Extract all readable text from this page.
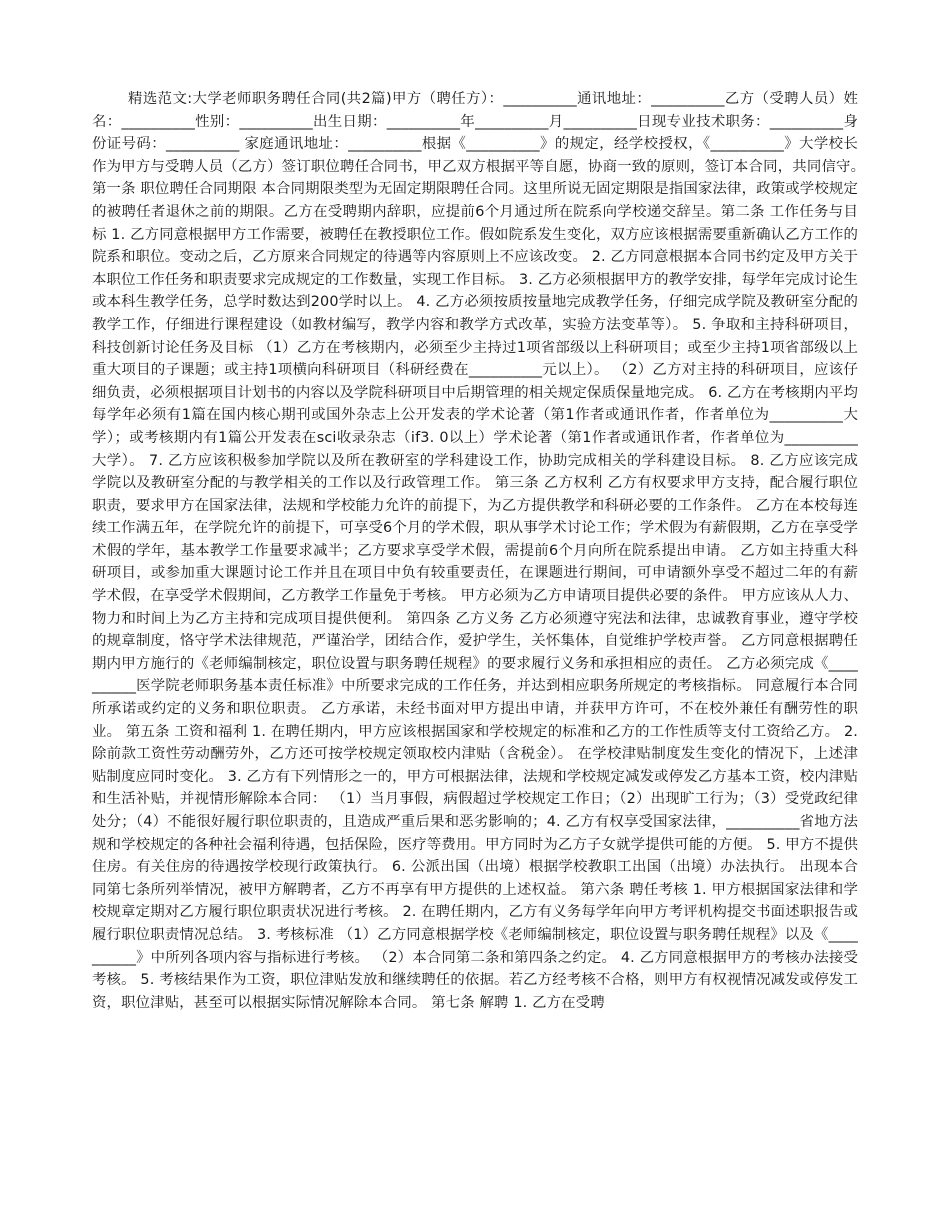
精选范文:大学老师职务聘任合同(共2篇)甲方（聘任方）：__________通讯地址：__________乙方（受聘人员）姓名：__________性别：__________出生日期：__________年__________月__________日现专业技术职务：__________身份证号码：__________ 家庭通讯地址：__________根据《__________》的规定，经学校授权，《__________》大学校长作为甲方与受聘人员（乙方）签订职位聘任合同书，甲乙双方根据平等自愿，协商一致的原则，签订本合同，共同信守。　第一条 职位聘任合同期限 本合同期限类型为无固定期限聘任合同。这里所说无固定期限是指国家法律，政策或学校规定的被聘任者退休之前的期限。乙方在受聘期内辞职，应提前6个月通过所在院系向学校递交辞呈。第二条 工作任务与目标 1. 乙方同意根据甲方工作需要，被聘任在教授职位工作。假如院系发生变化，双方应该根据需要重新确认乙方工作的院系和职位。变动之后，乙方原来合同规定的待遇等内容原则上不应该改变。 2. 乙方同意根据本合同书约定及甲方关于本职位工作任务和职责要求完成规定的工作数量，实现工作目标。 3. 乙方必须根据甲方的教学安排，每学年完成讨论生或本科生教学任务，总学时数达到200学时以上。 4. 乙方必须按质按量地完成教学任务，仔细完成学院及教研室分配的教学工作，仔细进行课程建设（如教材编写，教学内容和教学方式改革，实验方法变革等）。 5. 争取和主持科研项目，科技创新讨论任务及目标 （1）乙方在考核期内，必须至少主持过1项省部级以上科研项目；或至少主持1项省部级以上重大项目的子课题；或主持1项横向科研项目（科研经费在__________元以上）。 （2）乙方对主持的科研项目，应该仔细负责，必须根据项目计划书的内容以及学院科研项目中后期管理的相关规定保质保量地完成。 6. 乙方在考核期内平均每学年必须有1篇在国内核心期刊或国外杂志上公开发表的学术论著（第1作者或通讯作者，作者单位为__________大学）；或考核期内有1篇公开发表在sci收录杂志（if3. 0以上）学术论著（第1作者或通讯作者，作者单位为__________大学）。 7. 乙方应该积极参加学院以及所在教研室的学科建设工作，协助完成相关的学科建设目标。 8. 乙方应该完成学院以及教研室分配的与教学相关的工作以及行政管理工作。 第三条 乙方权利 乙方有权要求甲方支持，配合履行职位职责，要求甲方在国家法律，法规和学校能力允许的前提下，为乙方提供教学和科研必要的工作条件。 乙方在本校每连续工作满五年，在学院允许的前提下，可享受6个月的学术假，职从事学术讨论工作；学术假为有薪假期，乙方在享受学术假的学年，基本教学工作量要求减半；乙方要求享受学术假，需提前6个月向所在院系提出申请。 乙方如主持重大科研项目，或参加重大课题讨论工作并且在项目中负有较重要责任，在课题进行期间，可申请额外享受不超过二年的有薪学术假，在享受学术假期间，乙方教学工作量免于考核。 甲方必须为乙方申请项目提供必要的条件。 甲方应该从人力、物力和时间上为乙方主持和完成项目提供便利。 第四条 乙方义务 乙方必须遵守宪法和法律，忠诚教育事业，遵守学校的规章制度，恪守学术法律规范，严谨治学，团结合作，爱护学生，关怀集体，自觉维护学校声誉。 乙方同意根据聘任期内甲方施行的《老师编制核定，职位设置与职务聘任规程》的要求履行义务和承担相应的责任。 乙方必须完成《__________医学院老师职务基本责任标准》中所要求完成的工作任务，并达到相应职务所规定的考核指标。 同意履行本合同所承诺或约定的义务和职位职责。 乙方承诺，未经书面对甲方提出申请，并获甲方许可，不在校外兼任有酬劳性的职业。 第五条 工资和福利 1. 在聘任期内，甲方应该根据国家和学校规定的标准和乙方的工作性质等支付工资给乙方。 2. 除前款工资性劳动酬劳外，乙方还可按学校规定领取校内津贴（含税金）。 在学校津贴制度发生变化的情况下，上述津贴制度应同时变化。 3. 乙方有下列情形之一的，甲方可根据法律，法规和学校规定减发或停发乙方基本工资，校内津贴和生活补贴，并视情形解除本合同： （1）当月事假，病假超过学校规定工作日；（2）出现旷工行为；（3）受党政纪律处分；（4）不能很好履行职位职责的，且造成严重后果和恶劣影响的；4. 乙方有权享受国家法律，__________省地方法规和学校规定的各种社会福利待遇，包括保险，医疗等费用。甲方同时为乙方子女就学提供可能的方便。 5. 甲方不提供住房。有关住房的待遇按学校现行政策执行。 6. 公派出国（出境）根据学校教职工出国（出境）办法执行。 出现本合同第七条所列举情况，被甲方解聘者，乙方不再享有甲方提供的上述权益。 第六条 聘任考核 1. 甲方根据国家法律和学校规章定期对乙方履行职位职责状况进行考核。 2. 在聘任期内，乙方有义务每学年向甲方考评机构提交书面述职报告或履行职位职责情况总结。 3. 考核标准 （1）乙方同意根据学校《老师编制核定，职位设置与职务聘任规程》以及《__________》中所列各项内容与指标进行考核。 （2）本合同第二条和第四条之约定。 4. 乙方同意根据甲方的考核办法接受考核。 5. 考核结果作为工资，职位津贴发放和继续聘任的依据。若乙方经考核不合格，则甲方有权视情况减发或停发工资，职位津贴，甚至可以根据实际情况解除本合同。 第七条 解聘 1. 乙方在受聘
